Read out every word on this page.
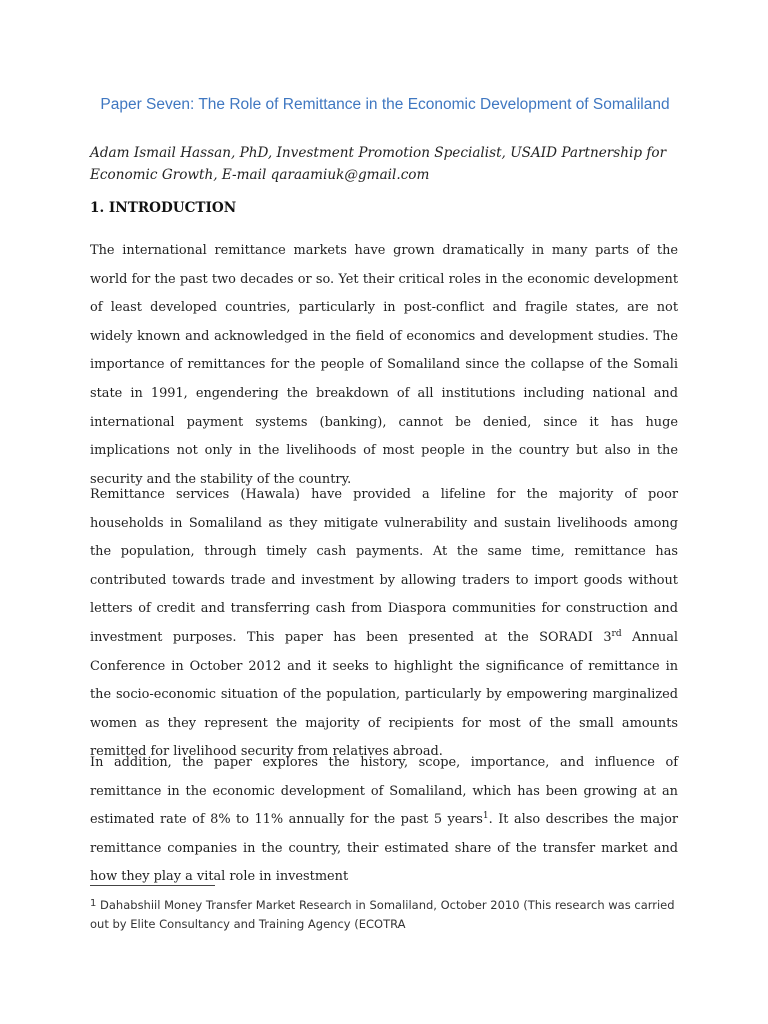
Paper Seven: The Role of Remittance in the Economic Development of Somaliland

Adam Ismail Hassan, PhD, Investment Promotion Specialist, USAID Partnership for Economic Growth, E-mail qaraamiuk@gmail.com

1. INTRODUCTION

The international remittance markets have grown dramatically in many parts of the world for the past two decades or so. Yet their critical roles in the economic development of least developed countries, particularly in post-conflict and fragile states, are not widely known and acknowledged in the field of economics and development studies. The importance of remittances for the people of Somaliland since the collapse of the Somali state in 1991, engendering the breakdown of all institutions including national and international payment systems (banking), cannot be denied, since it has huge implications not only in the livelihoods of most people in the country but also in the security and the stability of the country.

Remittance services (Hawala) have provided a lifeline for the majority of poor households in Somaliland as they mitigate vulnerability and sustain livelihoods among the population, through timely cash payments. At the same time, remittance has contributed towards trade and investment by allowing traders to import goods without letters of credit and transferring cash from Diaspora communities for construction and investment purposes. This paper has been presented at the SORADI 3rd Annual Conference in October 2012 and it seeks to highlight the significance of remittance in the socio-economic situation of the population, particularly by empowering marginalized women as they represent the majority of recipients for most of the small amounts remitted for livelihood security from relatives abroad.

In addition, the paper explores the history, scope, importance, and influence of remittance in the economic development of Somaliland, which has been growing at an estimated rate of 8% to 11% annually for the past 5 years$^1$. It also describes the major remittance companies in the country, their estimated share of the transfer market and how they play a vital role in investment

1 Dahabshiil Money Transfer Market Research in Somaliland, October 2010 (This research was carried out by Elite Consultancy and Training Agency (ECOTRA
